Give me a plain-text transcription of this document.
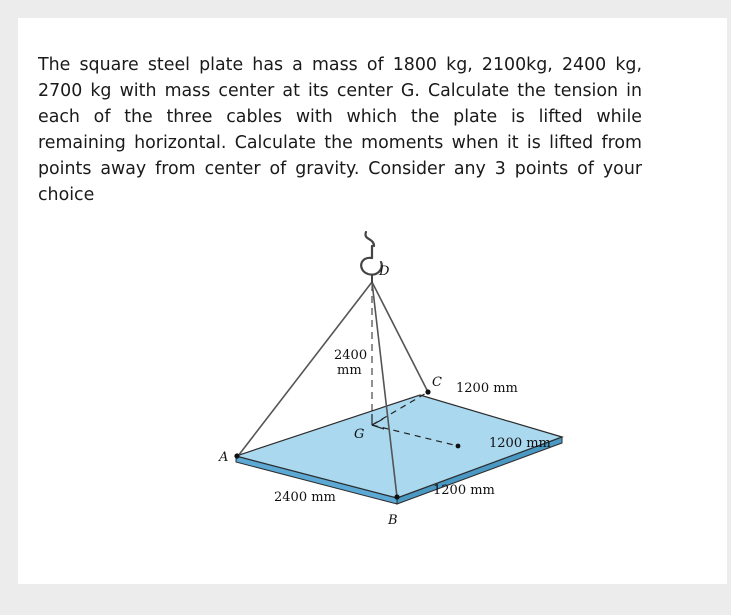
The square steel plate has a mass of 1800 kg, 2100kg, 2400 kg, 2700 kg with mass center at its center G. Calculate the tension in each of the three cables with which the plate is lifted while remaining horizontal. Calculate the moments when it is lifted from points away from center of gravity. Consider any 3 points of your choice

D
C
A
B
G
2400
mm
1200 mm
1200 mm
1200 mm
2400 mm
